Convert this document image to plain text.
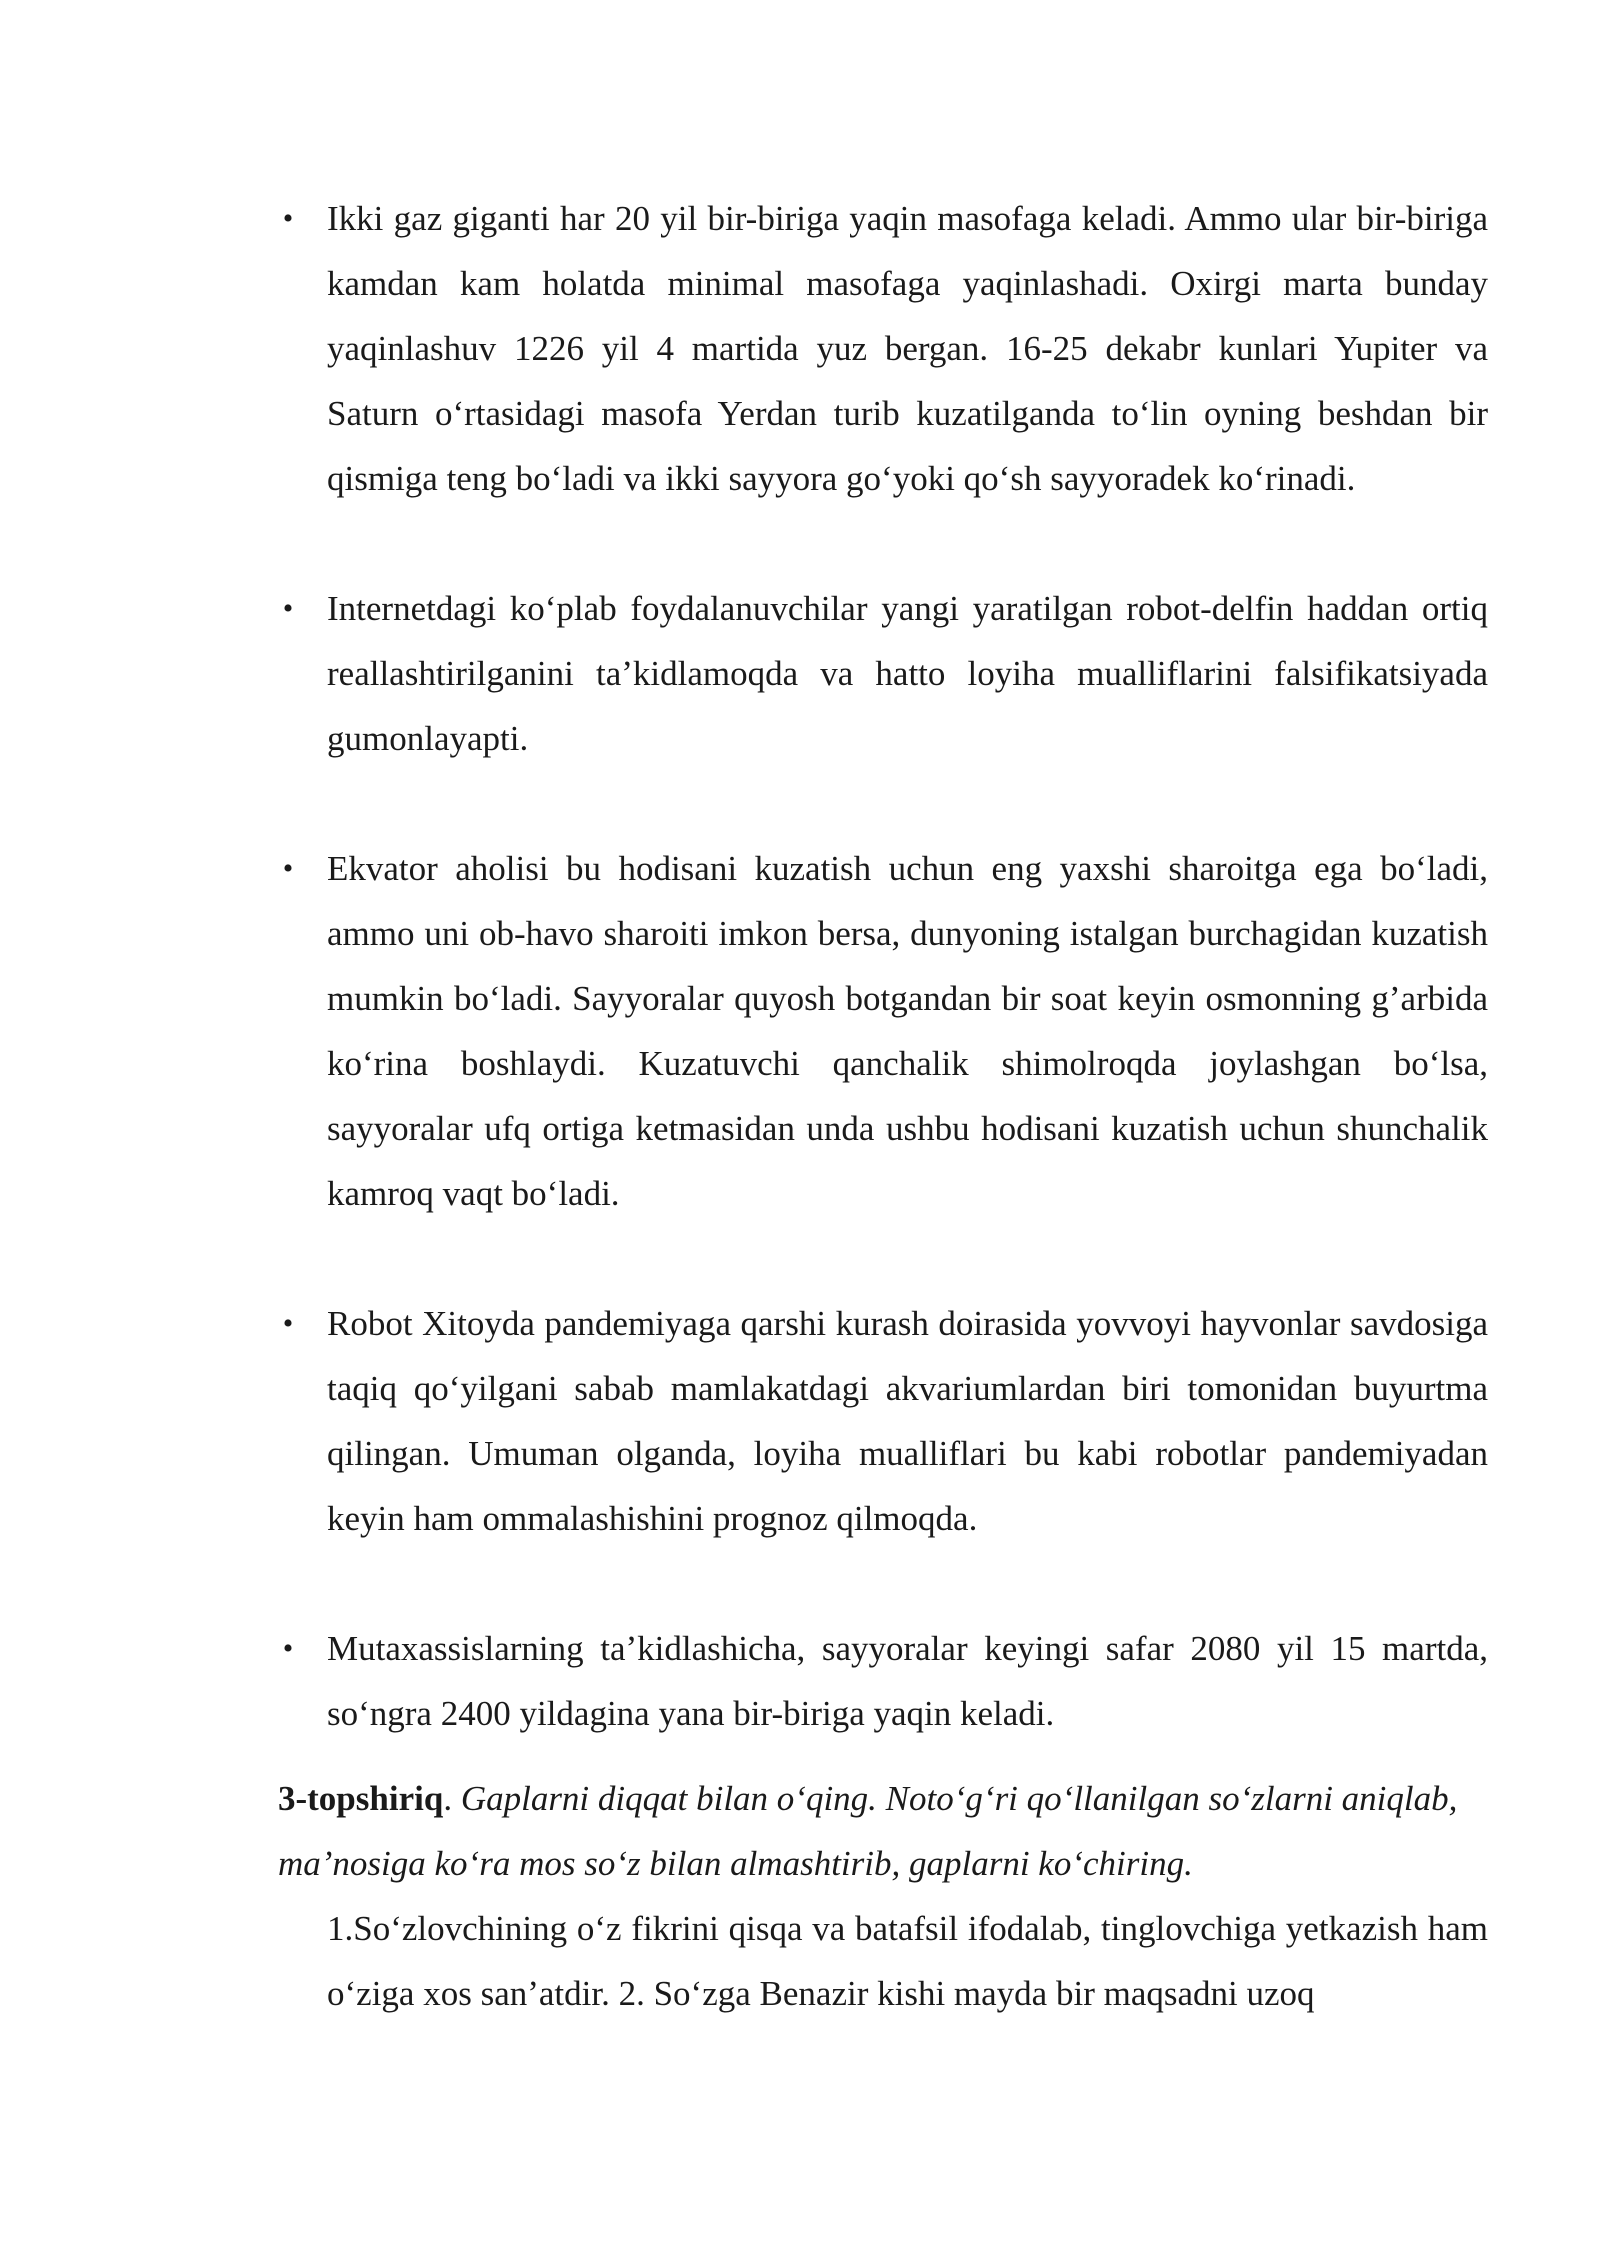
• Ikki gaz giganti har 20 yil bir-biriga yaqin masofaga keladi. Ammo ular bir-biriga kamdan kam holatda minimal masofaga yaqinlashadi. Oxirgi marta bunday yaqinlashuv 1226 yil 4 martida yuz bergan. 16-25 dekabr kunlari Yupiter va Saturn oʻrtasidagi masofa Yerdan turib kuzatilganda toʻlin oyning beshdan bir qismiga teng boʻladi va ikki sayyora goʻyoki qoʻsh sayyoradek koʻrinadi.
• Internetdagi koʻplab foydalanuvchilar yangi yaratilgan robot-delfin haddan ortiq reallashtirilganini taʼkidlamoqda va hatto loyiha mualliflarini falsifikatsiyada gumonlayapti.
• Ekvator aholisi bu hodisani kuzatish uchun eng yaxshi sharoitga ega boʻladi, ammo uni ob-havo sharoiti imkon bersa, dunyoning istalgan burchagidan kuzatish mumkin boʻladi. Sayyoralar quyosh botgandan bir soat keyin osmonning g’arbida koʻrina boshlaydi. Kuzatuvchi qanchalik shimolroqda joylashgan boʻlsa, sayyoralar ufq ortiga ketmasidan unda ushbu hodisani kuzatish uchun shunchalik kamroq vaqt boʻladi.
• Robot Xitoyda pandemiyaga qarshi kurash doirasida yovvoyi hayvonlar savdosiga taqiq qoʻyilgani sabab mamlakatdagi akvariumlardan biri tomonidan buyurtma qilingan. Umuman olganda, loyiha mualliflari bu kabi robotlar pandemiyadan keyin ham ommalashishini prognoz qilmoqda.
• Mutaxassislarning taʼkidlashicha, sayyoralar keyingi safar 2080 yil 15 martda, soʻngra 2400 yildagina yana bir-biriga yaqin keladi.
3-topshiriq. Gaplarni diqqat bilan oʻqing. Notoʻgʻri qoʻllanilgan soʻzlarni aniqlab, maʼnosiga koʻra mos soʻz bilan almashtirib, gaplarni koʻchiring.
1.Soʻzlovchining oʻz fikrini qisqa va batafsil ifodalab, tinglovchiga yetkazish ham oʻziga xos sanʼatdir. 2. Soʻzga Benazir kishi mayda bir maqsadni uzoq
